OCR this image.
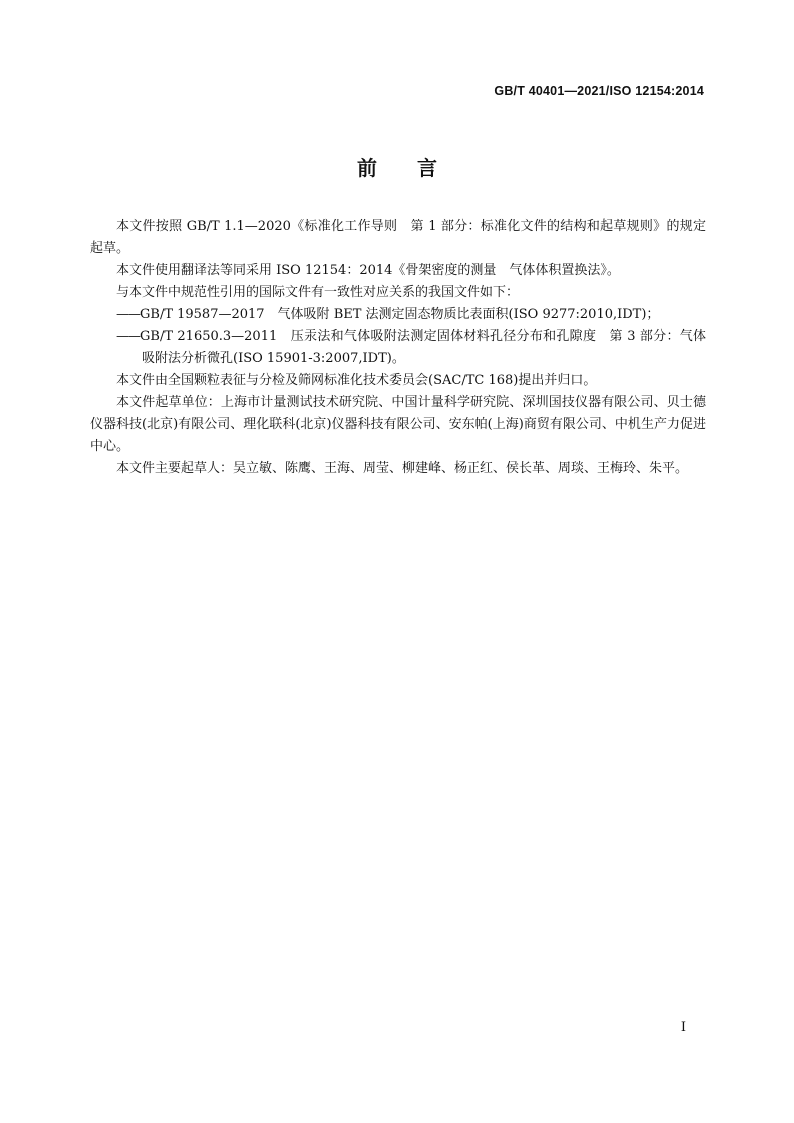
GB/T 40401—2021/ISO 12154:2014
前 言

本文件按照 GB/T 1.1—2020《标准化工作导则　第 1 部分：标准化文件的结构和起草规则》的规定起草。

本文件使用翻译法等同采用 ISO 12154：2014《骨架密度的测量　气体体积置换法》。

与本文件中规范性引用的国际文件有一致性对应关系的我国文件如下：

——GB/T 19587—2017　气体吸附 BET 法测定固态物质比表面积(ISO 9277:2010,IDT)；

——GB/T 21650.3—2011　压汞法和气体吸附法测定固体材料孔径分布和孔隙度　第 3 部分：气体吸附法分析微孔(ISO 15901-3:2007,IDT)。

本文件由全国颗粒表征与分检及筛网标准化技术委员会(SAC/TC 168)提出并归口。

本文件起草单位：上海市计量测试技术研究院、中国计量科学研究院、深圳国技仪器有限公司、贝士德仪器科技(北京)有限公司、理化联科(北京)仪器科技有限公司、安东帕(上海)商贸有限公司、中机生产力促进中心。

本文件主要起草人：吴立敏、陈鹰、王海、周莹、柳建峰、杨正红、侯长革、周琰、王梅玲、朱平。

I
